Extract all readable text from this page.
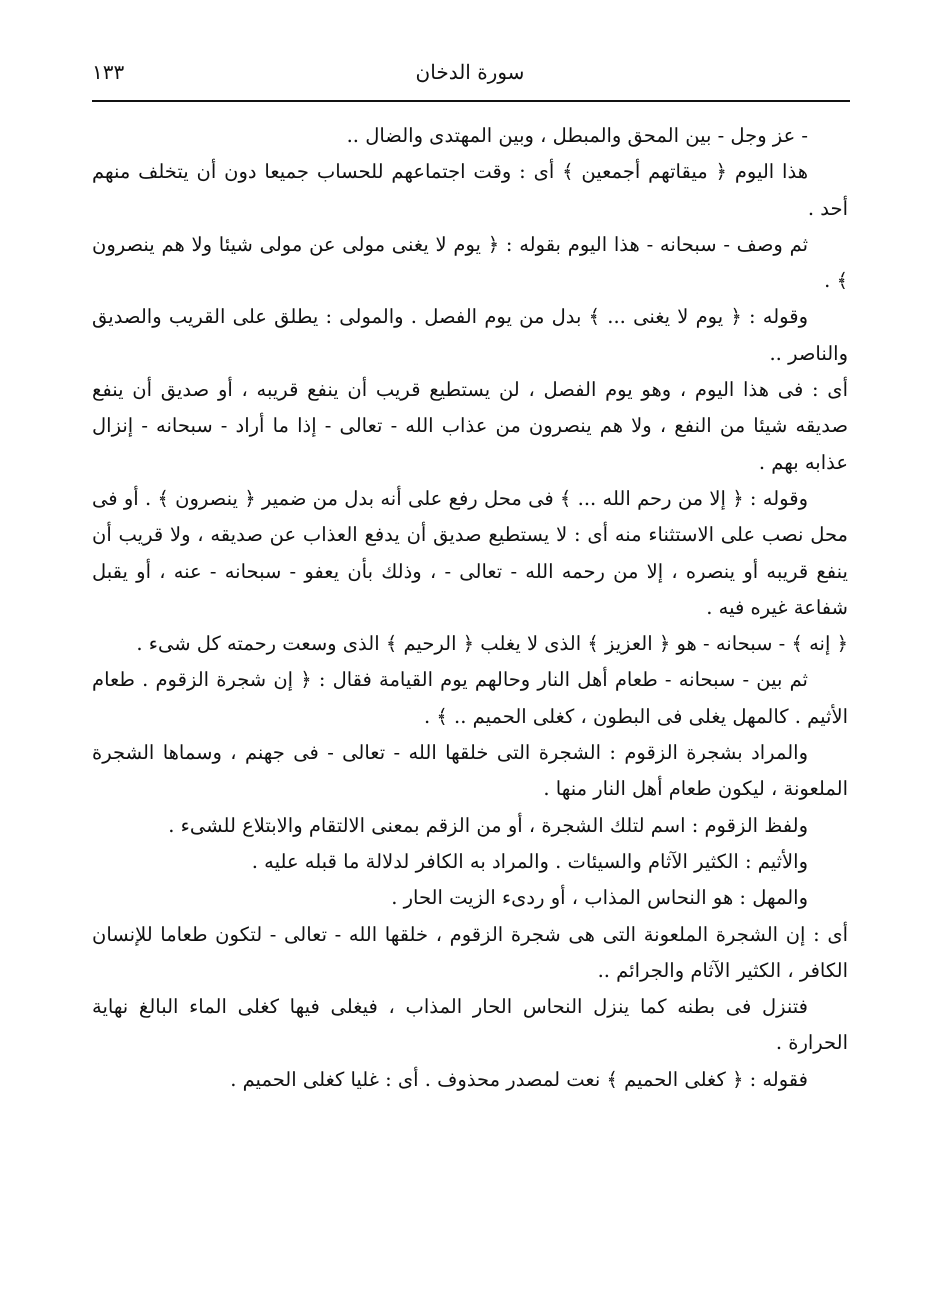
سورة الدخان
١٣٣

- عز وجل - بين المحق والمبطل ، وبين المهتدى والضال ..

هذا اليوم ﴿ ميقاتهم أجمعين ﴾ أى : وقت اجتماعهم للحساب جميعا دون أن يتخلف منهم أحد .

ثم وصف - سبحانه - هذا اليوم بقوله : ﴿ يوم لا يغنى مولى عن مولى شيئا ولا هم ينصرون ﴾ .

وقوله : ﴿ يوم لا يغنى ... ﴾ بدل من يوم الفصل . والمولى : يطلق على القريب والصديق والناصر ..

أى : فى هذا اليوم ، وهو يوم الفصل ، لن يستطيع قريب أن ينفع قريبه ، أو صديق أن ينفع صديقه شيئا من النفع ، ولا هم ينصرون من عذاب الله - تعالى - إذا ما أراد - سبحانه - إنزال عذابه بهم .

وقوله : ﴿ إلا من رحم الله ... ﴾ فى محل رفع على أنه بدل من ضمير ﴿ ينصرون ﴾ . أو فى محل نصب على الاستثناء منه أى : لا يستطيع صديق أن يدفع العذاب عن صديقه ، ولا قريب أن ينفع قريبه أو ينصره ، إلا من رحمه الله - تعالى - ، وذلك بأن يعفو - سبحانه - عنه ، أو يقبل شفاعة غيره فيه .

﴿ إنه ﴾ - سبحانه - هو ﴿ العزيز ﴾ الذى لا يغلب ﴿ الرحيم ﴾ الذى وسعت رحمته كل شىء .

ثم بين - سبحانه - طعام أهل النار وحالهم يوم القيامة فقال : ﴿ إن شجرة الزقوم . طعام الأثيم . كالمهل يغلى فى البطون ، كغلى الحميم .. ﴾ .

والمراد بشجرة الزقوم : الشجرة التى خلقها الله - تعالى - فى جهنم ، وسماها الشجرة الملعونة ، ليكون طعام أهل النار منها .

ولفظ الزقوم : اسم لتلك الشجرة ، أو من الزقم بمعنى الالتقام والابتلاع للشىء .

والأثيم : الكثير الآثام والسيئات . والمراد به الكافر لدلالة ما قبله عليه .

والمهل : هو النحاس المذاب ، أو ردىء الزيت الحار .

أى : إن الشجرة الملعونة التى هى شجرة الزقوم ، خلقها الله - تعالى - لتكون طعاما للإنسان الكافر ، الكثير الآثام والجرائم ..

فتنزل فى بطنه كما ينزل النحاس الحار المذاب ، فيغلى فيها كغلى الماء البالغ نهاية الحرارة .

فقوله : ﴿ كغلى الحميم ﴾ نعت لمصدر محذوف . أى : غليا كغلى الحميم .
